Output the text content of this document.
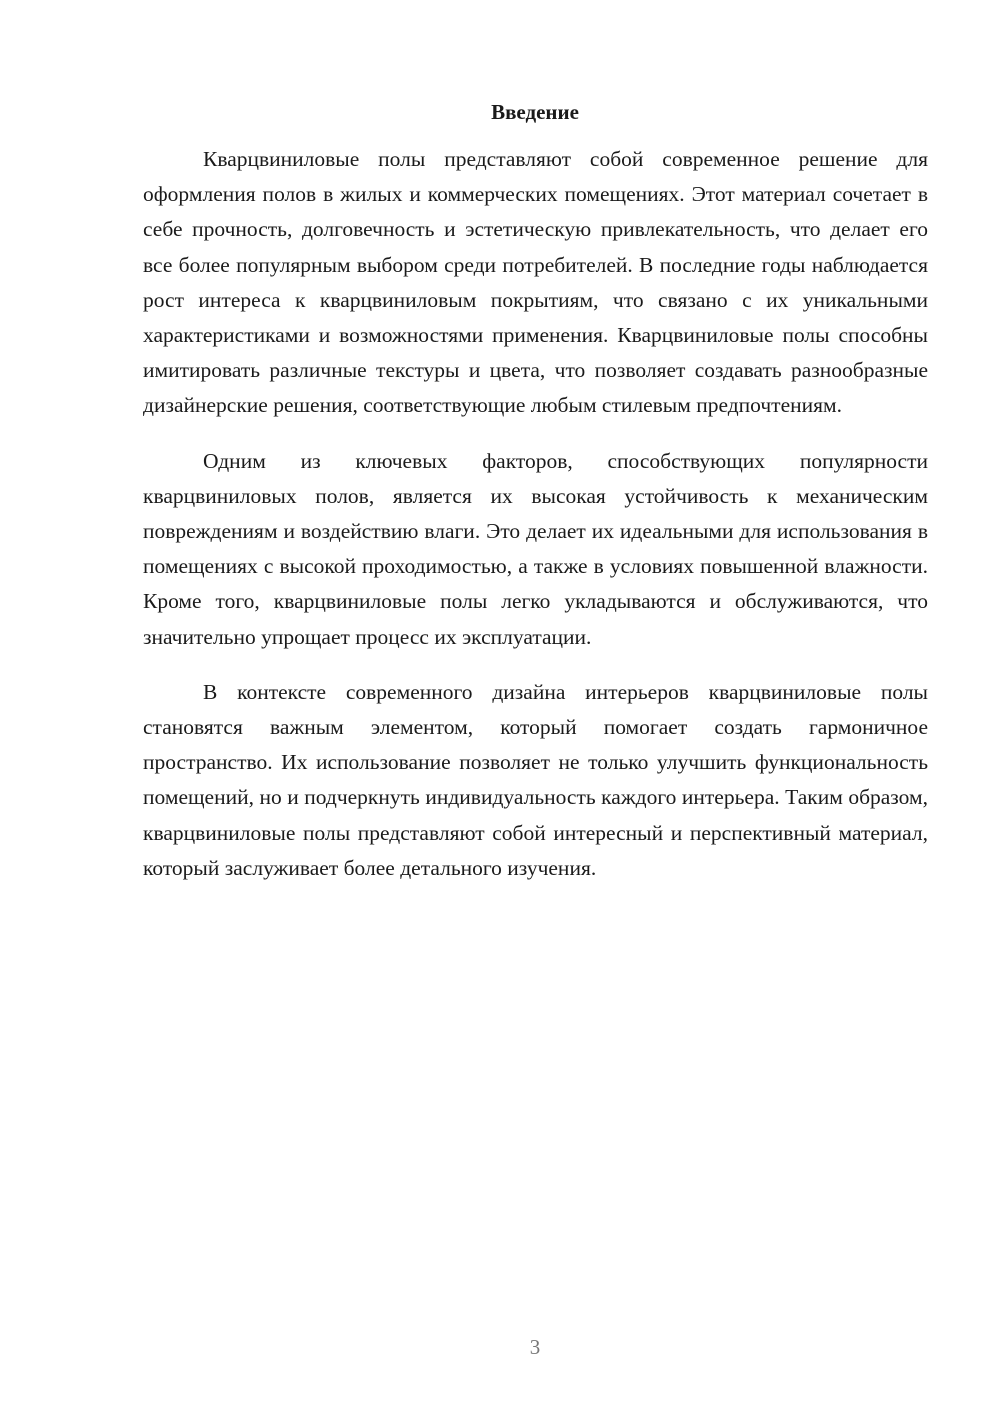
Введение

Кварцвиниловые полы представляют собой современное решение для оформления полов в жилых и коммерческих помещениях. Этот материал сочетает в себе прочность, долговечность и эстетическую привлекательность, что делает его все более популярным выбором среди потребителей. В последние годы наблюдается рост интереса к кварцвиниловым покрытиям, что связано с их уникальными характеристиками и возможностями применения. Кварцвиниловые полы способны имитировать различные текстуры и цвета, что позволяет создавать разнообразные дизайнерские решения, соответствующие любым стилевым предпочтениям.

Одним из ключевых факторов, способствующих популярности кварцвиниловых полов, является их высокая устойчивость к механическим повреждениям и воздействию влаги. Это делает их идеальными для использования в помещениях с высокой проходимостью, а также в условиях повышенной влажности. Кроме того, кварцвиниловые полы легко укладываются и обслуживаются, что значительно упрощает процесс их эксплуатации.

В контексте современного дизайна интерьеров кварцвиниловые полы становятся важным элементом, который помогает создать гармоничное пространство. Их использование позволяет не только улучшить функциональность помещений, но и подчеркнуть индивидуальность каждого интерьера. Таким образом, кварцвиниловые полы представляют собой интересный и перспективный материал, который заслуживает более детального изучения.

3
